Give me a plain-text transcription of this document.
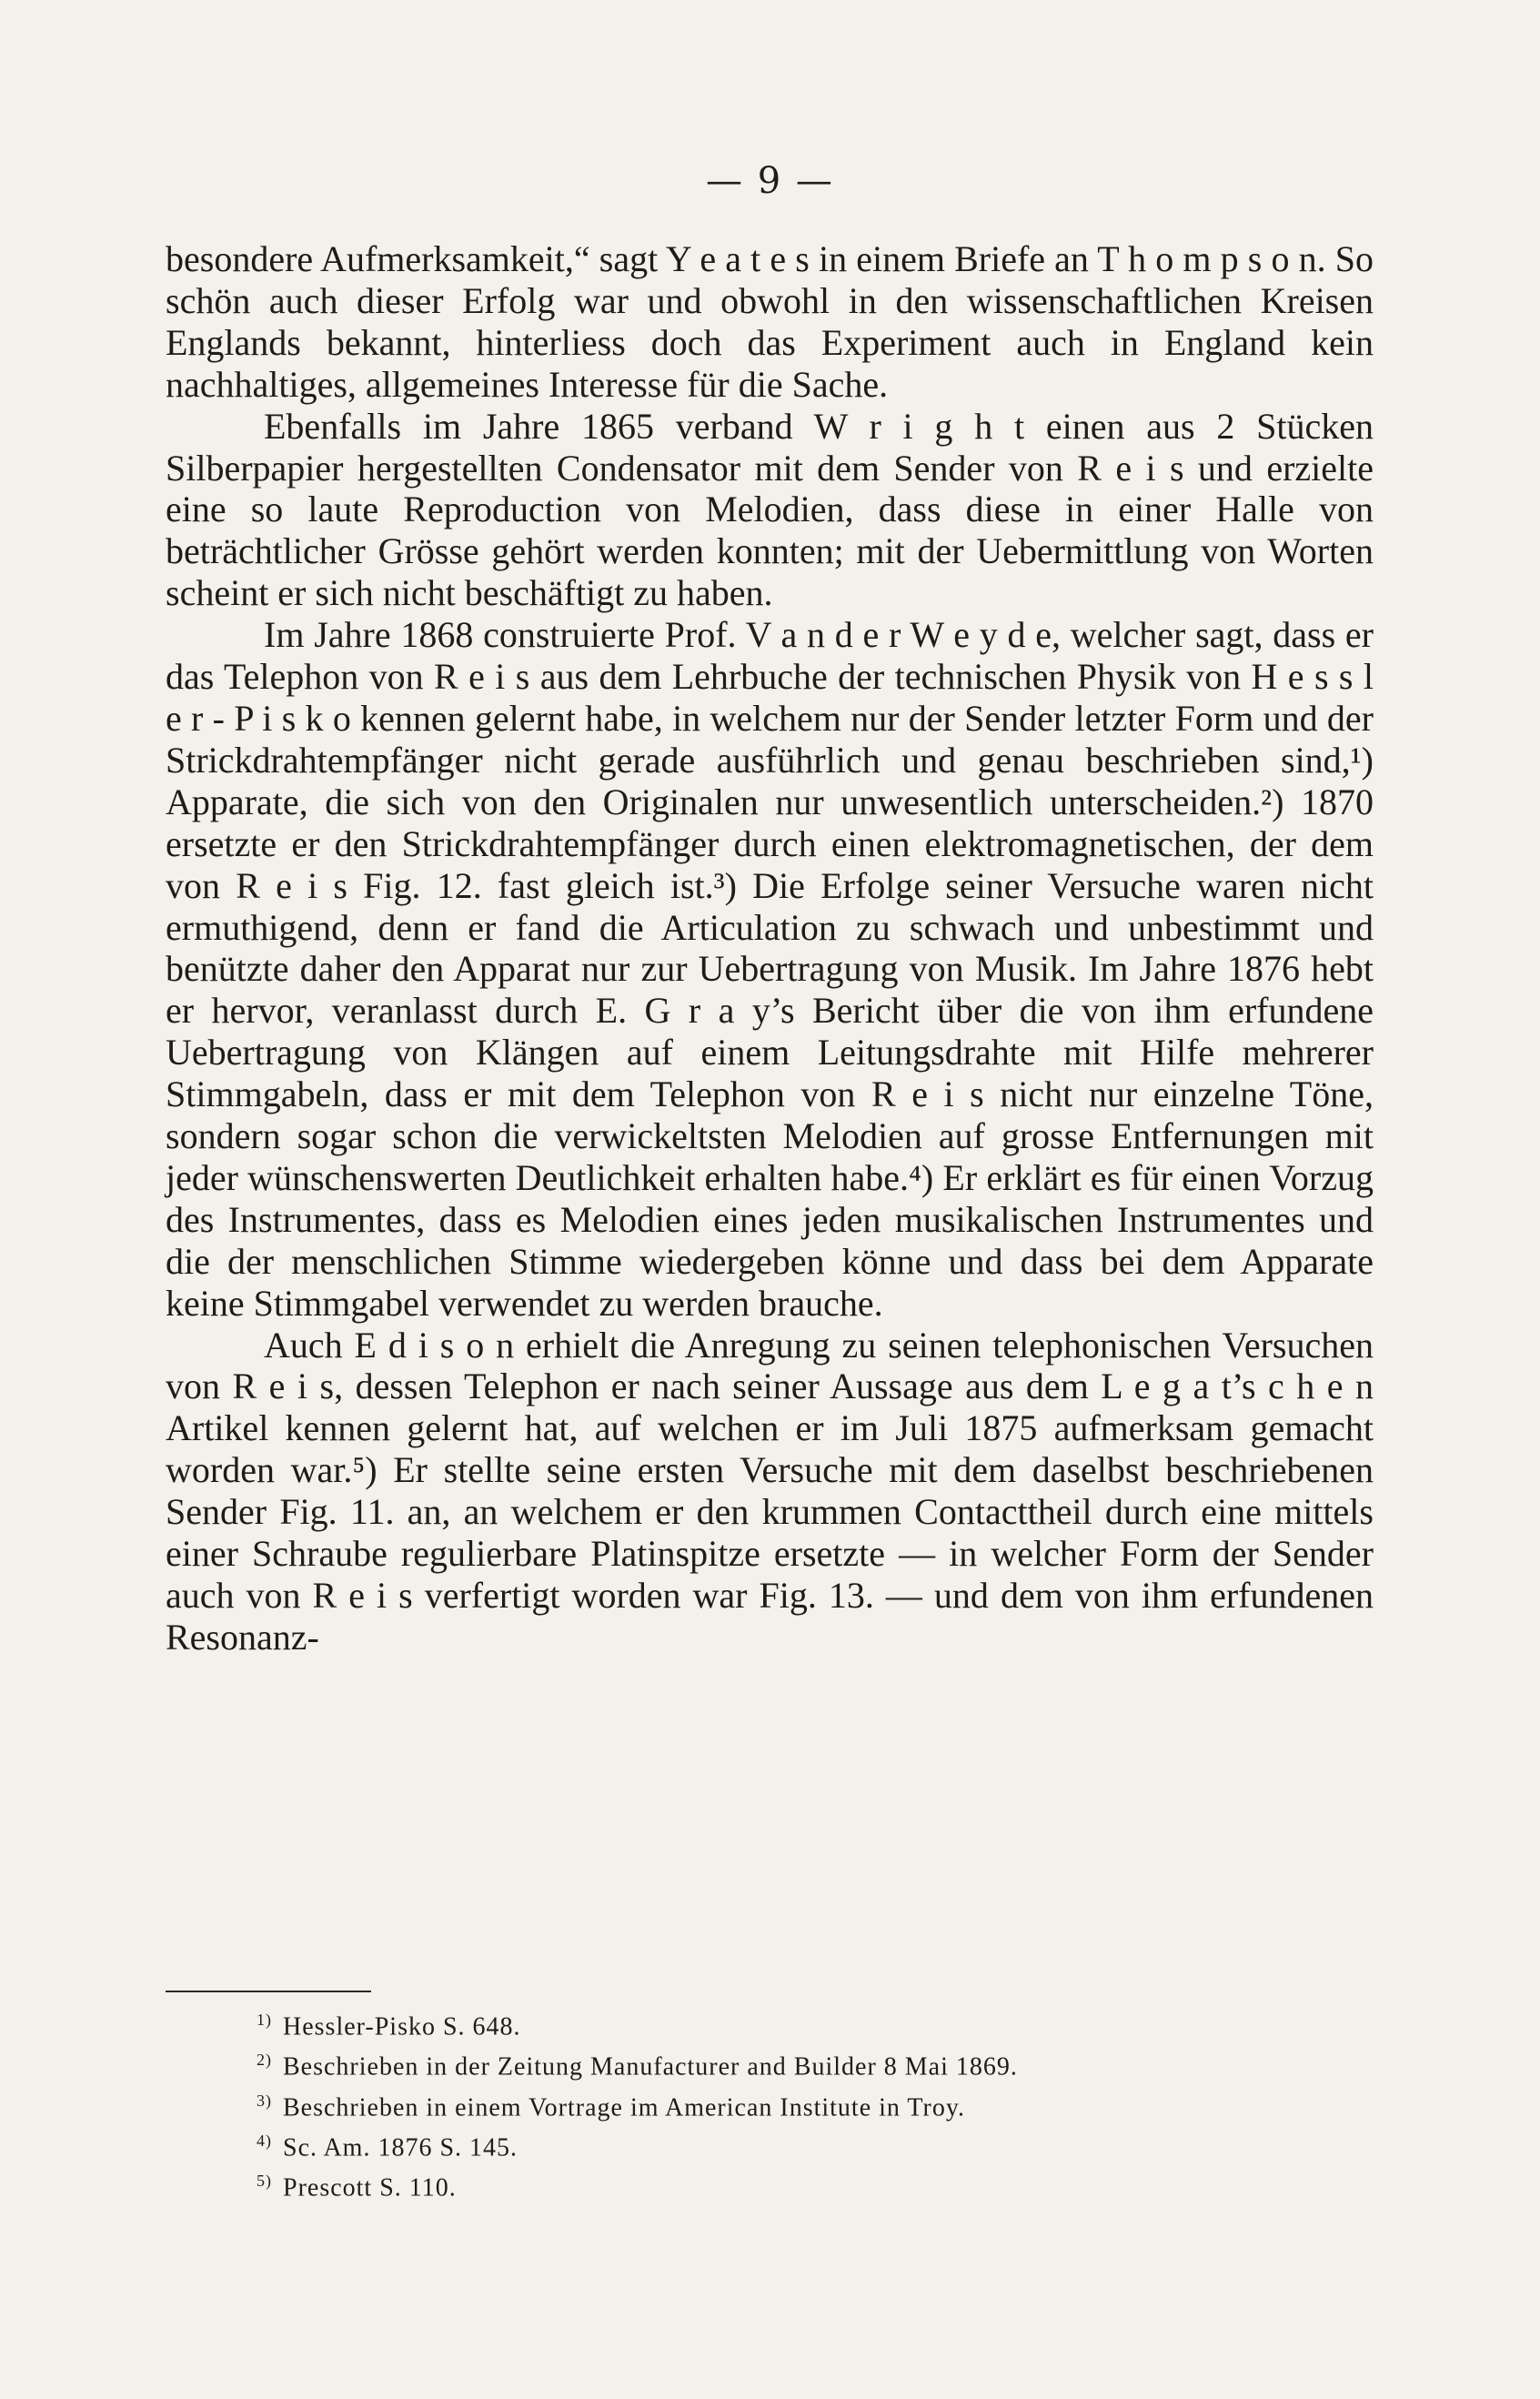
— 9 —

besondere Aufmerksamkeit,“ sagt Y e a t e s in einem Briefe an T h o m p s o n. So schön auch dieser Erfolg war und obwohl in den wissenschaftlichen Kreisen Englands bekannt, hinterliess doch das Experiment auch in England kein nachhaltiges, allgemeines Interesse für die Sache.

Ebenfalls im Jahre 1865 verband W r i g h t einen aus 2 Stücken Silberpapier hergestellten Condensator mit dem Sender von R e i s und erzielte eine so laute Reproduction von Melodien, dass diese in einer Halle von beträchtlicher Grösse gehört werden konnten; mit der Uebermittlung von Worten scheint er sich nicht beschäftigt zu haben.

Im Jahre 1868 construierte Prof. V a n d e r W e y d e, welcher sagt, dass er das Telephon von R e i s aus dem Lehrbuche der technischen Physik von H e s s l e r - P i s k o kennen gelernt habe, in welchem nur der Sender letzter Form und der Strickdrahtempfänger nicht gerade ausführlich und genau beschrieben sind,¹) Apparate, die sich von den Originalen nur unwesentlich unterscheiden.²) 1870 ersetzte er den Strickdrahtempfänger durch einen elektromagnetischen, der dem von R e i s Fig. 12. fast gleich ist.³) Die Erfolge seiner Versuche waren nicht ermuthigend, denn er fand die Articulation zu schwach und unbestimmt und benützte daher den Apparat nur zur Uebertragung von Musik. Im Jahre 1876 hebt er hervor, veranlasst durch E. G r a y’s Bericht über die von ihm erfundene Uebertragung von Klängen auf einem Leitungsdrahte mit Hilfe mehrerer Stimmgabeln, dass er mit dem Telephon von R e i s nicht nur einzelne Töne, sondern sogar schon die verwickeltsten Melodien auf grosse Entfernungen mit jeder wünschenswerten Deutlichkeit erhalten habe.⁴) Er erklärt es für einen Vorzug des Instrumentes, dass es Melodien eines jeden musikalischen Instrumentes und die der menschlichen Stimme wiedergeben könne und dass bei dem Apparate keine Stimmgabel verwendet zu werden brauche.

Auch E d i s o n erhielt die Anregung zu seinen telephonischen Versuchen von R e i s, dessen Telephon er nach seiner Aussage aus dem L e g a t’s c h e n Artikel kennen gelernt hat, auf welchen er im Juli 1875 aufmerksam gemacht worden war.⁵) Er stellte seine ersten Versuche mit dem daselbst beschriebenen Sender Fig. 11. an, an welchem er den krummen Contacttheil durch eine mittels einer Schraube regulierbare Platinspitze ersetzte — in welcher Form der Sender auch von R e i s verfertigt worden war Fig. 13. — und dem von ihm erfundenen Resonanz-

$^{1)}$ Hessler-Pisko S. 648.

$^{2)}$ Beschrieben in der Zeitung Manufacturer and Builder 8 Mai 1869.

$^{3)}$ Beschrieben in einem Vortrage im American Institute in Troy.

$^{4)}$ Sc. Am. 1876 S. 145.

$^{5)}$ Prescott S. 110.
